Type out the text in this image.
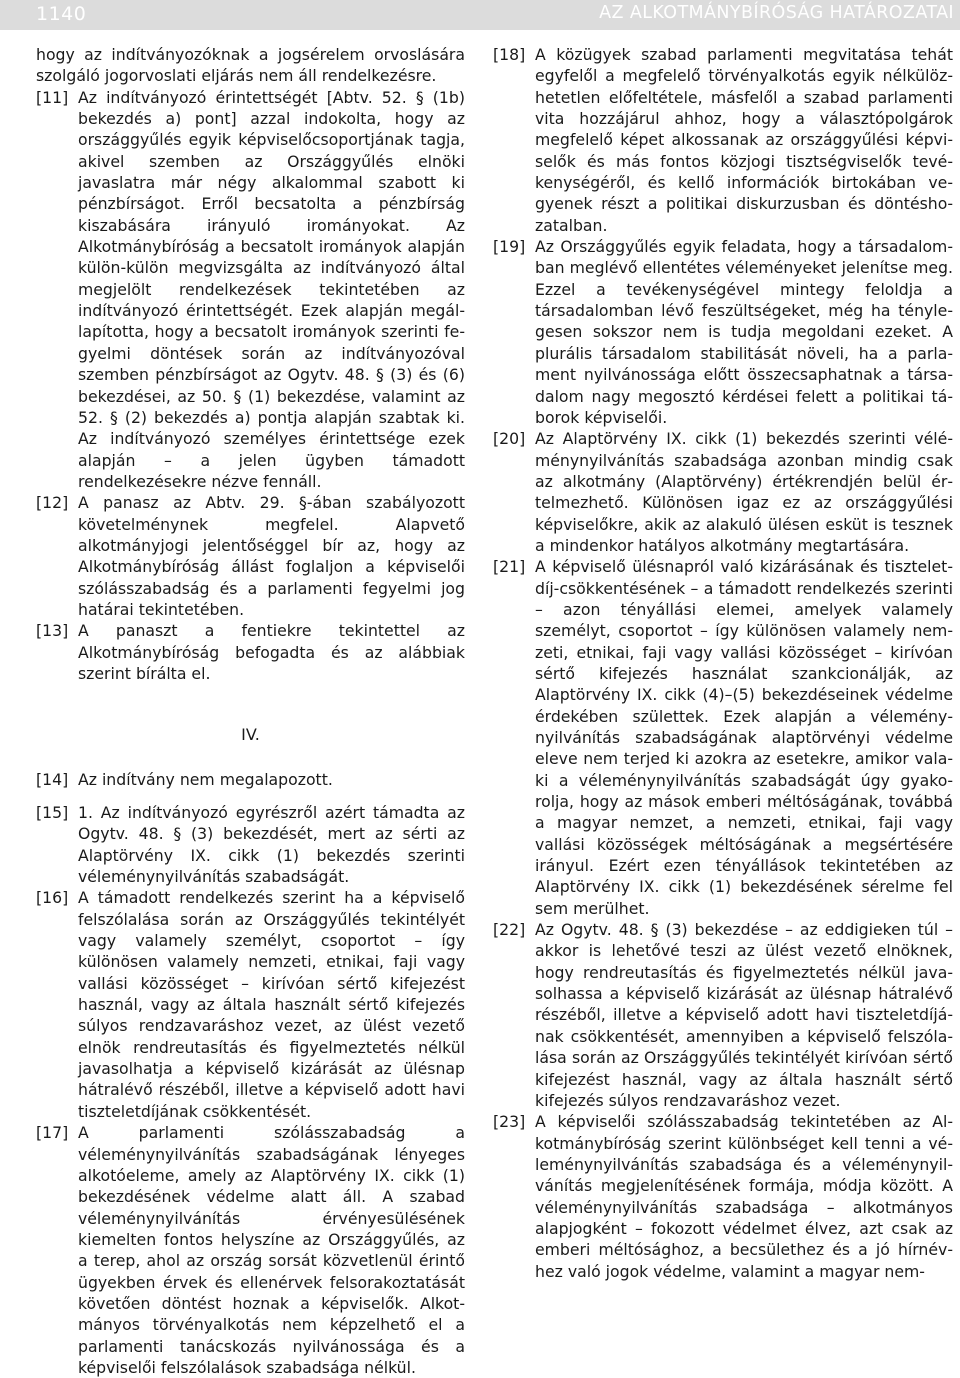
1140	AZ ALKOTMÁNYBÍRÓSÁG HATÁROZATAI

hogy az indítványozóknak a jogsérelem orvoslására szolgáló jogorvoslati eljárás nem áll rendelkezésre.

[11] Az indítványozó érintettségét [Abtv. 52. § (1b) bekezdés a) pont] azzal indokolta, hogy az országgyűlés egyik képviselőcsoportjának tagja, akivel szemben az Országgyűlés elnöki javaslatra már négy alkalommal szabott ki pénzbírságot. Erről becsatolta a pénzbírság kiszabására irányuló irományokat. Az Alkotmánybíróság a becsatolt irományok alapján külön-külön megvizsgálta az indítványozó által megjelölt rendelkezések tekintetében az indítványozó érintettségét. Ezek alapján megállapította, hogy a becsatolt irományok szerinti fegyelmi döntések során az indítványozóval szemben pénzbírságot az Ogytv. 48. § (3) és (6) bekezdései, az 50. § (1) bekezdése, valamint az 52. § (2) bekezdés a) pontja alapján szabtak ki. Az indítványozó személyes érintettsége ezek alapján – a jelen ügyben támadott rendelkezésekre nézve fennáll.
[12] A panasz az Abtv. 29. §-ában szabályozott követelménynek megfelel. Alapvető alkotmányjogi jelentőséggel bír az, hogy az Alkotmánybíróság állást foglaljon a képviselői szólásszabadság és a parlamenti fegyelmi jog határai tekintetében.
[13] A panaszt a fentiekre tekintettel az Alkotmánybíróság befogadta és az alábbiak szerint bírálta el.
IV.
[14] Az indítvány nem megalapozott.
[15] 1. Az indítványozó egyrészről azért támadta az Ogytv. 48. § (3) bekezdését, mert az sérti az Alaptörvény IX. cikk (1) bekezdés szerinti véleménynyilvánítás szabadságát.
[16] A támadott rendelkezés szerint ha a képviselő felszólalása során az Országgyűlés tekintélyét vagy valamely személyt, csoportot – így különösen valamely nemzeti, etnikai, faji vagy vallási közösséget – kirívóan sértő kifejezést használ, vagy az általa használt sértő kifejezés súlyos rendzavaráshoz vezet, az ülést vezető elnök rendreutasítás és figyelmeztetés nélkül javasolhatja a képviselő kizárását az ülésnap hátralévő részéből, illetve a képviselő adott havi tiszteletdíjának csökkentését.
[17] A parlamenti szólásszabadság a véleménynyilvánítás szabadságának lényeges alkotóeleme, amely az Alaptörvény IX. cikk (1) bekezdésének védelme alatt áll. A szabad véleménynyilvánítás érvényesülésének kiemelten fontos helyszíne az Országgyűlés, az a terep, ahol az ország sorsát közvetlenül érintő ügyekben érvek és ellenérvek felsorakoztatását követően döntést hoznak a képviselők. Alkotmányos törvényalkotás nem képzelhető el a parlamenti tanácskozás nyilvánossága és a képviselői felszólalások szabadsága nélkül.
[18] A közügyek szabad parlamenti megvitatása tehát egyfelől a megfelelő törvényalkotás egyik nélkülözhetetlen előfeltétele, másfelől a szabad parlamenti vita hozzájárul ahhoz, hogy a választópolgárok megfelelő képet alkossanak az országgyűlési képviselők és más fontos közjogi tisztségviselők tevékenységéről, és kellő információk birtokában vegyenek részt a politikai diskurzusban és döntéshozatalban.
[19] Az Országgyűlés egyik feladata, hogy a társadalomban meglévő ellentétes véleményeket jelenítse meg. Ezzel a tevékenységével mintegy feloldja a társadalomban lévő feszültségeket, még ha ténylegesen sokszor nem is tudja megoldani ezeket. A plurális társadalom stabilitását növeli, ha a parlament nyilvánossága előtt összecsaphatnak a társadalom nagy megosztó kérdései felett a politikai táborok képviselői.
[20] Az Alaptörvény IX. cikk (1) bekezdés szerinti véléménynyilvánítás szabadsága azonban mindig csak az alkotmány (Alaptörvény) értékrendjén belül értelmezhető. Különösen igaz ez az országgyűlési képviselőkre, akik az alakuló ülésen esküt is tesznek a mindenkor hatályos alkotmány megtartására.
[21] A képviselő ülésnapról való kizárásának és tiszteletdíj-csökkentésének – a támadott rendelkezés szerinti – azon tényállási elemei, amelyek valamely személyt, csoportot – így különösen valamely nemzeti, etnikai, faji vagy vallási közösséget – kirívóan sértő kifejezés használat szankcionálják, az Alaptörvény IX. cikk (4)–(5) bekezdéseinek védelme érdekében születtek. Ezek alapján a véleménynyilvánítás szabadságának alaptörvényi védelme eleve nem terjed ki azokra az esetekre, amikor valaki a véleménynyilvánítás szabadságát úgy gyakorolja, hogy az mások emberi méltóságának, továbbá a magyar nemzet, a nemzeti, etnikai, faji vagy vallási közösségek méltóságának a megsértésére irányul. Ezért ezen tényállások tekintetében az Alaptörvény IX. cikk (1) bekezdésének sérelme fel sem merülhet.
[22] Az Ogytv. 48. § (3) bekezdése – az eddigieken túl – akkor is lehetővé teszi az ülést vezető elnöknek, hogy rendreutasítás és figyelmeztetés nélkül javasolhassa a képviselő kizárását az ülésnap hátralévő részéből, illetve a képviselő adott havi tiszteletdíjának csökkentését, amennyiben a képviselő felszólalása során az Országgyűlés tekintélyét kirívóan sértő kifejezést használ, vagy az általa használt sértő kifejezés súlyos rendzavaráshoz vezet.
[23] A képviselői szólásszabadság tekintetében az Alkotmánybíróság szerint különbséget kell tenni a véleménynyilvánítás szabadsága és a véleménynyilvánítás megjelenítésének formája, módja között. A véleménynyilvánítás szabadsága – alkotmányos alapjogként – fokozott védelmet élvez, azt csak az emberi méltósághoz, a becsülethez és a jó hírnévhez való jogok védelme, valamint a magyar nem-
